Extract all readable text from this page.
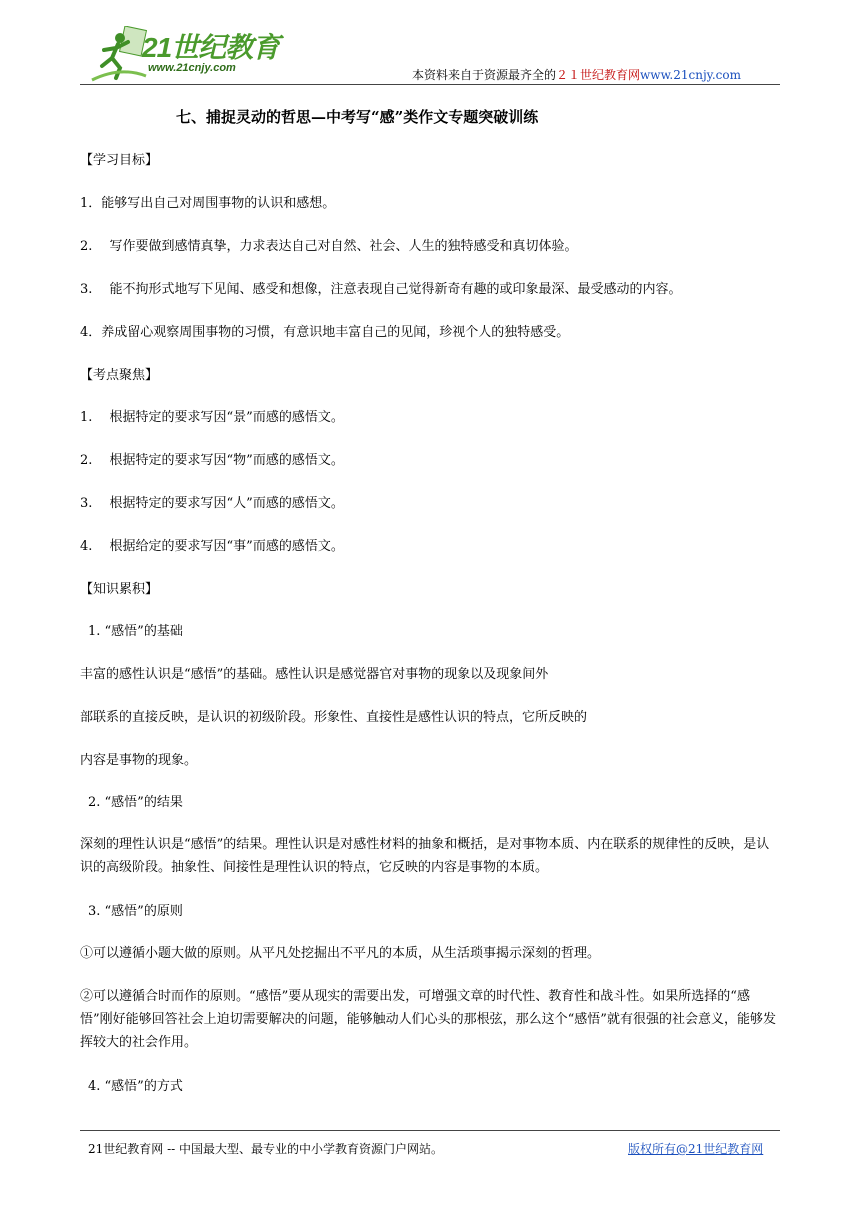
21世纪教育
www.21cnjy.com	本资料来自于资源最齐全的２１世纪教育网www.21cnjy.com
七、捕捉灵动的哲思—中考写“感”类作文专题突破训练
【学习目标】
1．能够写出自己对周围事物的认识和感想。
2.　 写作要做到感情真挚，力求表达自己对自然、社会、人生的独特感受和真切体验。
3.　 能不拘形式地写下见闻、感受和想像，注意表现自己觉得新奇有趣的或印象最深、最受感动的内容。
4．养成留心观察周围事物的习惯，有意识地丰富自己的见闻，珍视个人的独特感受。
【考点聚焦】
1.　 根据特定的要求写因“景”而感的感悟文。
2.　 根据特定的要求写因“物”而感的感悟文。
3.　 根据特定的要求写因“人”而感的感悟文。
4.　 根据给定的要求写因“事”而感的感悟文。
【知识累积】
1. “感悟”的基础
丰富的感性认识是“感悟”的基础。感性认识是感觉器官对事物的现象以及现象间外
部联系的直接反映，是认识的初级阶段。形象性、直接性是感性认识的特点，它所反映的
内容是事物的现象。
2. “感悟”的结果
深刻的理性认识是“感悟”的结果。理性认识是对感性材料的抽象和概括，是对事物本质、内在联系的规律性的反映，是认识的高级阶段。抽象性、间接性是理性认识的特点，它反映的内容是事物的本质。
3. “感悟”的原则
①可以遵循小题大做的原则。从平凡处挖掘出不平凡的本质，从生活琐事揭示深刻的哲理。
②可以遵循合时而作的原则。“感悟”要从现实的需要出发，可增强文章的时代性、教育性和战斗性。如果所选择的“感悟”刚好能够回答社会上迫切需要解决的问题，能够触动人们心头的那根弦，那么这个“感悟”就有很强的社会意义，能够发挥较大的社会作用。
4. “感悟”的方式
21世纪教育网 -- 中国最大型、最专业的中小学教育资源门户网站。	版权所有@21世纪教育网
